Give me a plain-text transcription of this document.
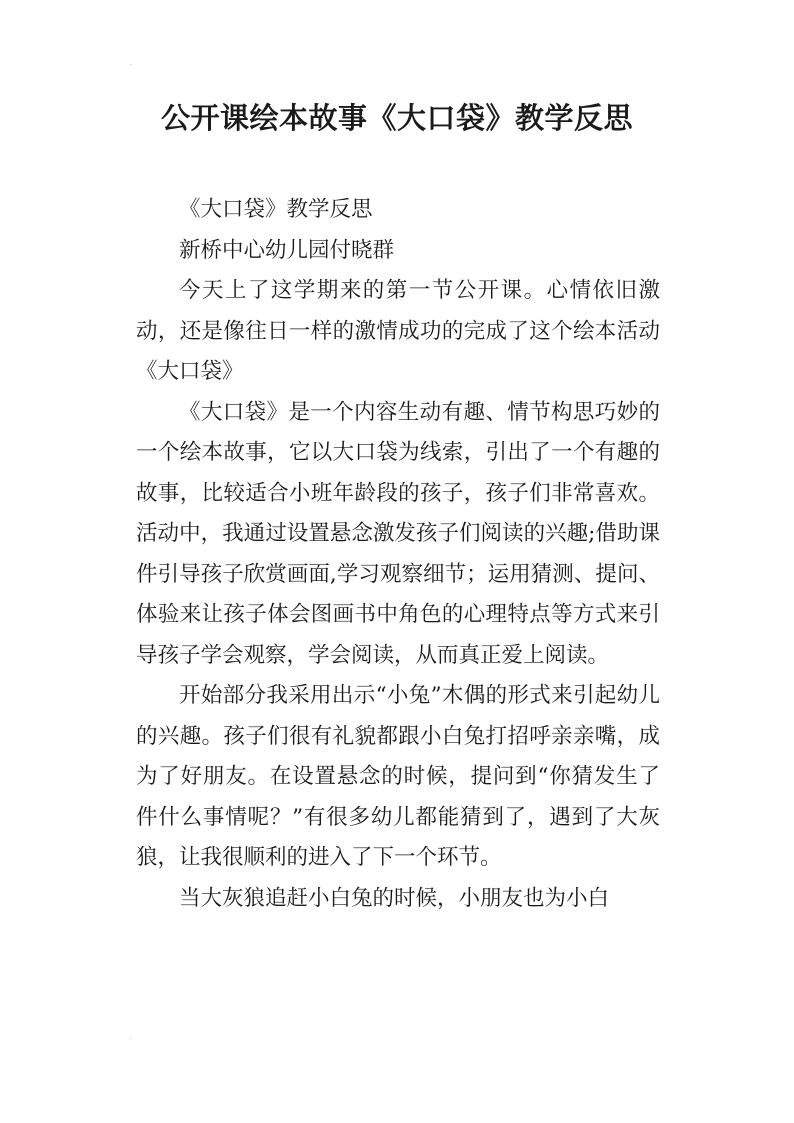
·
公开课绘本故事《大口袋》教学反思

《大口袋》教学反思

新桥中心幼儿园付晓群

今天上了这学期来的第一节公开课。心情依旧激动，还是像往日一样的激情成功的完成了这个绘本活动《大口袋》

《大口袋》是一个内容生动有趣、情节构思巧妙的一个绘本故事，它以大口袋为线索，引出了一个有趣的故事，比较适合小班年龄段的孩子，孩子们非常喜欢。活动中，我通过设置悬念激发孩子们阅读的兴趣;借助课件引导孩子欣赏画面,学习观察细节；运用猜测、提问、体验来让孩子体会图画书中角色的心理特点等方式来引导孩子学会观察，学会阅读，从而真正爱上阅读。

开始部分我采用出示“小兔”木偶的形式来引起幼儿的兴趣。孩子们很有礼貌都跟小白兔打招呼亲亲嘴，成为了好朋友。在设置悬念的时候，提问到“你猜发生了件什么事情呢？”有很多幼儿都能猜到了，遇到了大灰狼，让我很顺利的进入了下一个环节。

当大灰狼追赶小白兔的时候，小朋友也为小白

·
